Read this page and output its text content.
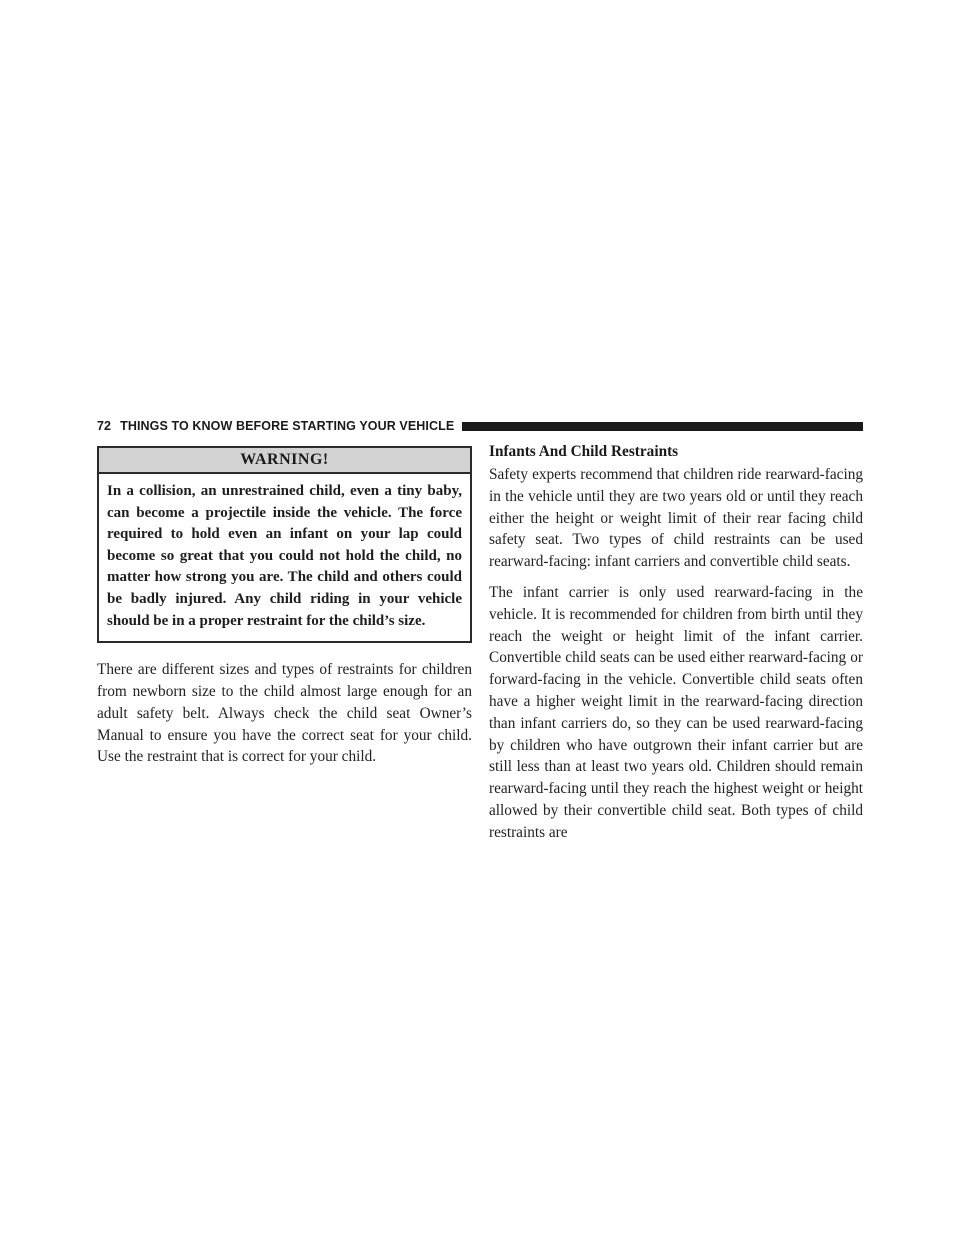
72 THINGS TO KNOW BEFORE STARTING YOUR VEHICLE
WARNING!
In a collision, an unrestrained child, even a tiny baby, can become a projectile inside the vehicle. The force required to hold even an infant on your lap could become so great that you could not hold the child, no matter how strong you are. The child and others could be badly injured. Any child riding in your vehicle should be in a proper restraint for the child’s size.

There are different sizes and types of restraints for children from newborn size to the child almost large enough for an adult safety belt. Always check the child seat Owner’s Manual to ensure you have the correct seat for your child. Use the restraint that is correct for your child.

Infants And Child Restraints

Safety experts recommend that children ride rearward-facing in the vehicle until they are two years old or until they reach either the height or weight limit of their rear facing child safety seat. Two types of child restraints can be used rearward-facing: infant carriers and convertible child seats.

The infant carrier is only used rearward-facing in the vehicle. It is recommended for children from birth until they reach the weight or height limit of the infant carrier. Convertible child seats can be used either rearward-facing or forward-facing in the vehicle. Convertible child seats often have a higher weight limit in the rearward-facing direction than infant carriers do, so they can be used rearward-facing by children who have outgrown their infant carrier but are still less than at least two years old. Children should remain rearward-facing until they reach the highest weight or height allowed by their convertible child seat. Both types of child restraints are
